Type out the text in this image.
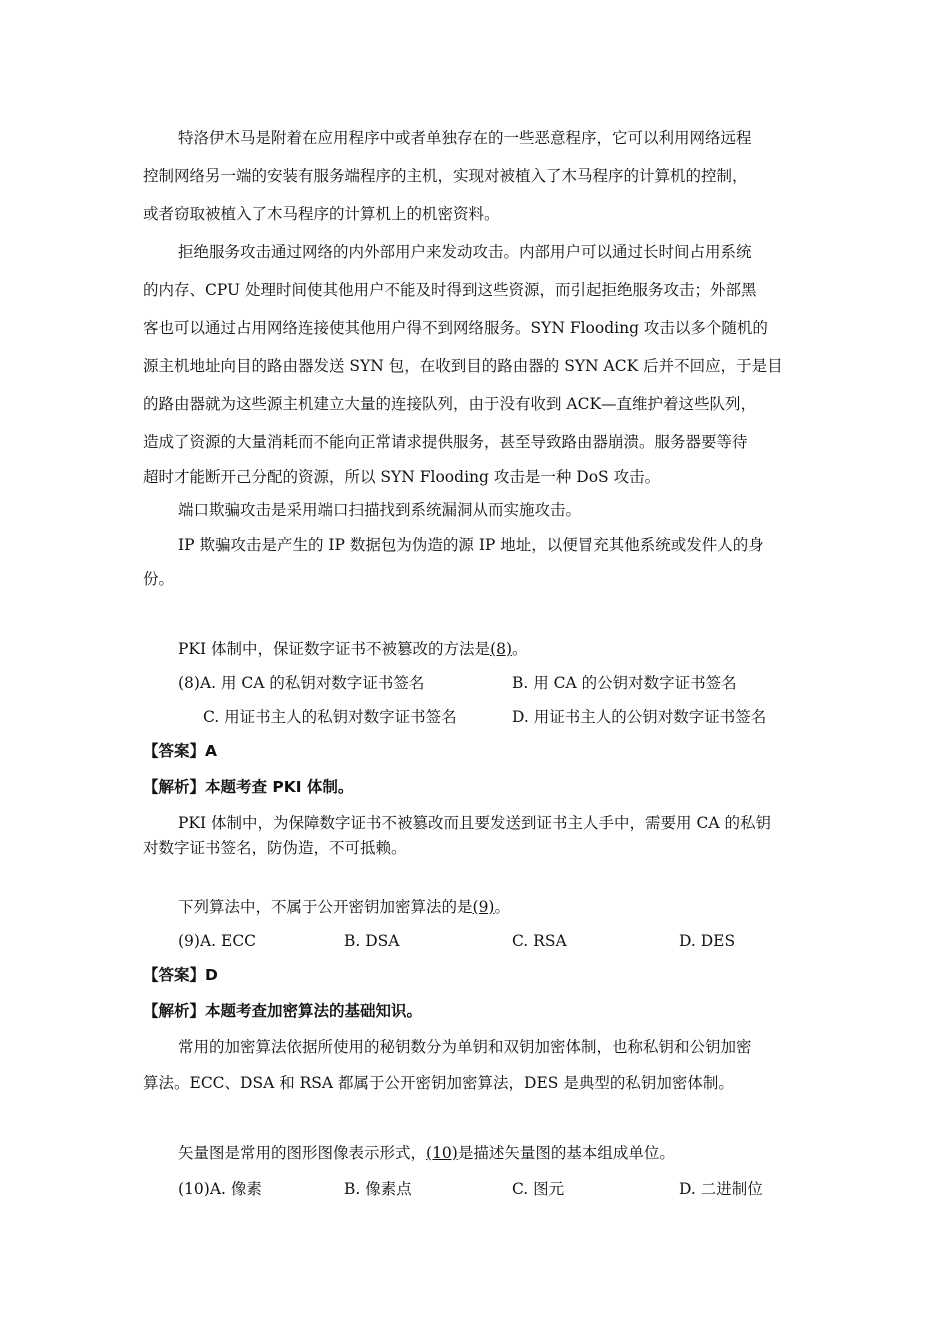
特洛伊木马是附着在应用程序中或者单独存在的一些恶意程序，它可以利用网络远程
控制网络另一端的安装有服务端程序的主机，实现对被植入了木马程序的计算机的控制，
或者窃取被植入了木马程序的计算机上的机密资料。
拒绝服务攻击通过网络的内外部用户来发动攻击。内部用户可以通过长时间占用系统
的内存、CPU 处理时间使其他用户不能及时得到这些资源，而引起拒绝服务攻击；外部黑
客也可以通过占用网络连接使其他用户得不到网络服务。SYN Flooding 攻击以多个随机的
源主机地址向目的路由器发送 SYN 包，在收到目的路由器的 SYN ACK 后并不回应，于是目
的路由器就为这些源主机建立大量的连接队列，由于没有收到 ACK—直维护着这些队列，
造成了资源的大量消耗而不能向正常请求提供服务，甚至导致路由器崩溃。服务器要等待
超时才能断开己分配的资源，所以 SYN Flooding 攻击是一种 DoS 攻击。
端口欺骗攻击是采用端口扫描找到系统漏洞从而实施攻击。
IP 欺骗攻击是产生的 IP 数据包为伪造的源 IP 地址，以便冒充其他系统或发件人的身
份。
PKI 体制中，保证数字证书不被篡改的方法是(8)。
(8)A. 用 CA 的私钥对数字证书签名	B. 用 CA 的公钥对数字证书签名
C. 用证书主人的私钥对数字证书签名	D. 用证书主人的公钥对数字证书签名
【答案】A
【解析】本题考查 PKI 体制。
PKI 体制中，为保障数字证书不被篡改而且要发送到证书主人手中，需要用 CA 的私钥
对数字证书签名，防伪造，不可抵赖。
下列算法中，不属于公开密钥加密算法的是(9)。
(9)A. ECC	B. DSA	C. RSA	D. DES
【答案】D
【解析】本题考查加密算法的基础知识。
常用的加密算法依据所使用的秘钥数分为单钥和双钥加密体制，也称私钥和公钥加密
算法。ECC、DSA 和 RSA 都属于公开密钥加密算法，DES 是典型的私钥加密体制。
矢量图是常用的图形图像表示形式，(10)是描述矢量图的基本组成单位。
(10)A. 像素	B. 像素点	C. 图元	D. 二进制位
